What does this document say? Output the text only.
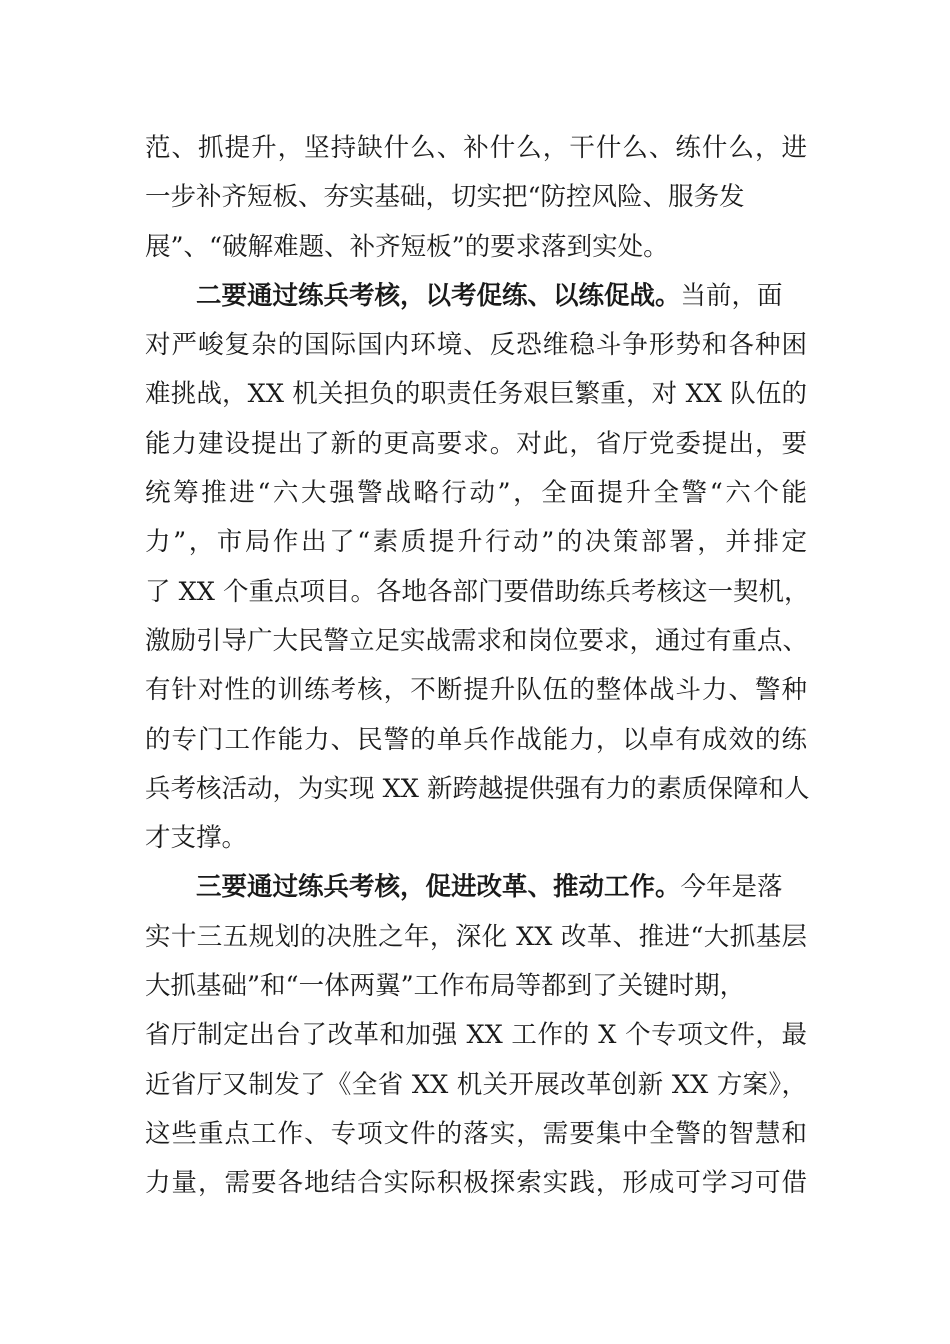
范、抓提升，坚持缺什么、补什么，干什么、练什么，进
一步补齐短板、夯实基础，切实把“防控风险、服务发
展”、“破解难题、补齐短板”的要求落到实处。
二要通过练兵考核，以考促练、以练促战。当前，面
对严峻复杂的国际国内环境、反恐维稳斗争形势和各种困
难挑战，XX 机关担负的职责任务艰巨繁重，对 XX 队伍的
能力建设提出了新的更高要求。对此，省厅党委提出，要
统筹推进“六大强警战略行动”，全面提升全警“六个能
力”，市局作出了“素质提升行动”的决策部署，并排定
了 XX 个重点项目。各地各部门要借助练兵考核这一契机，
激励引导广大民警立足实战需求和岗位要求，通过有重点、
有针对性的训练考核，不断提升队伍的整体战斗力、警种
的专门工作能力、民警的单兵作战能力，以卓有成效的练
兵考核活动，为实现 XX 新跨越提供强有力的素质保障和人
才支撑。
三要通过练兵考核，促进改革、推动工作。今年是落
实十三五规划的决胜之年，深化 XX 改革、推进“大抓基层
大抓基础”和“一体两翼”工作布局等都到了关键时期，
省厅制定出台了改革和加强 XX 工作的 X 个专项文件，最
近省厅又制发了《全省 XX 机关开展改革创新 XX 方案》，
这些重点工作、专项文件的落实，需要集中全警的智慧和
力量，需要各地结合实际积极探索实践，形成可学习可借
